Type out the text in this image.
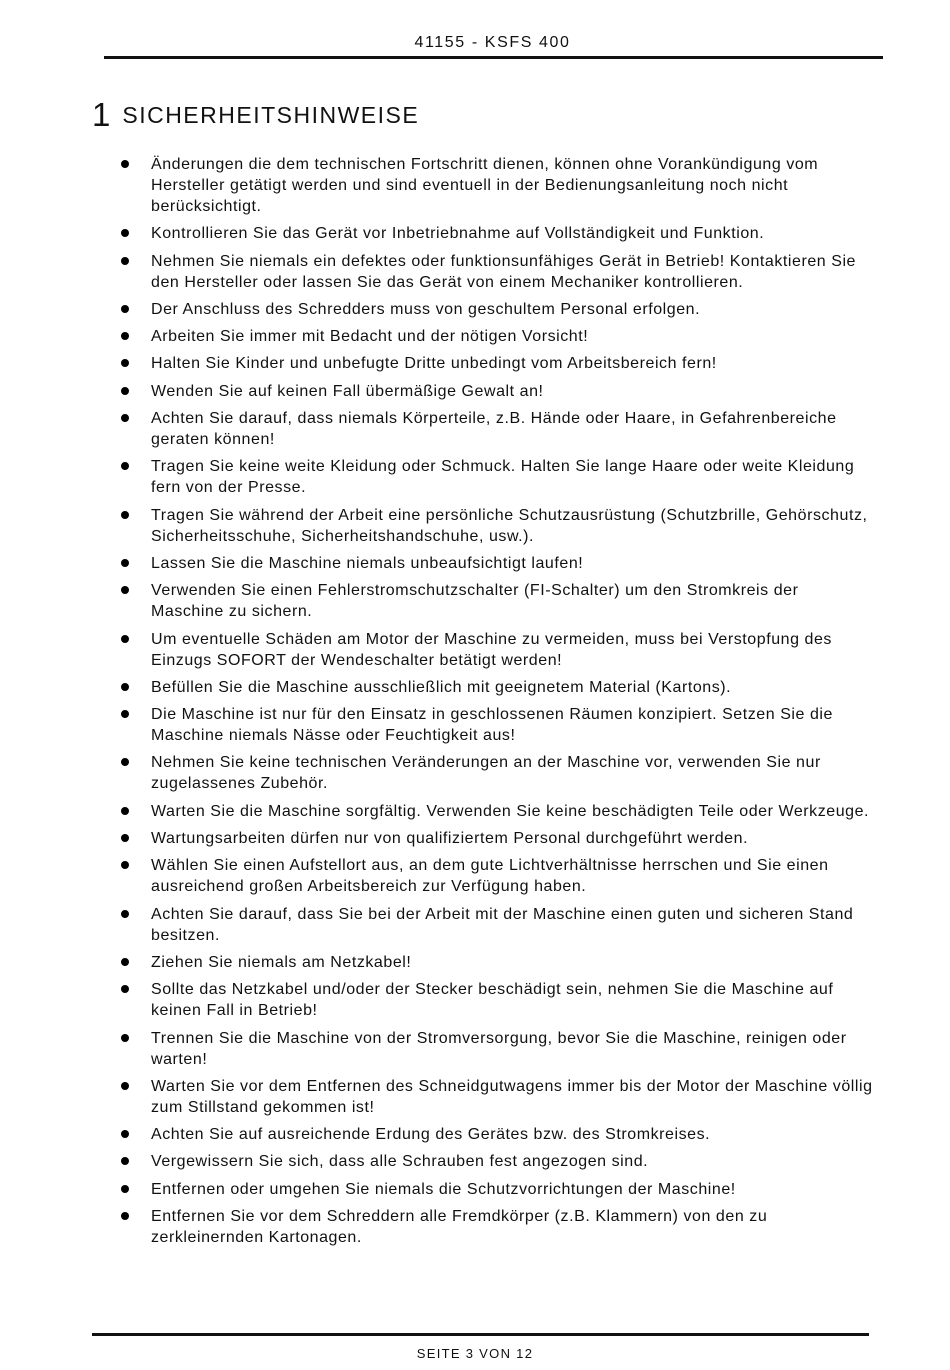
41155 - KSFS 400
1 SICHERHEITSHINWEISE
Änderungen die dem technischen Fortschritt dienen, können ohne Vorankündigung vom Hersteller getätigt werden und sind eventuell in der Bedienungsanleitung noch nicht berücksichtigt.
Kontrollieren Sie das Gerät vor Inbetriebnahme auf Vollständigkeit und Funktion.
Nehmen Sie niemals ein defektes oder funktionsunfähiges Gerät in Betrieb! Kontaktieren Sie den Hersteller oder lassen Sie das Gerät von einem Mechaniker kontrollieren.
Der Anschluss des Schredders muss von geschultem Personal erfolgen.
Arbeiten Sie immer mit Bedacht und der nötigen Vorsicht!
Halten Sie Kinder und unbefugte Dritte unbedingt vom Arbeitsbereich fern!
Wenden Sie auf keinen Fall übermäßige Gewalt an!
Achten Sie darauf, dass niemals Körperteile, z.B. Hände oder Haare, in Gefahrenbereiche geraten können!
Tragen Sie keine weite Kleidung oder Schmuck. Halten Sie lange Haare oder weite Kleidung fern von der Presse.
Tragen Sie während der Arbeit eine persönliche Schutzausrüstung (Schutzbrille, Gehörschutz, Sicherheitsschuhe, Sicherheitshandschuhe, usw.).
Lassen Sie die Maschine niemals unbeaufsichtigt laufen!
Verwenden Sie einen Fehlerstromschutzschalter (FI-Schalter) um den Stromkreis der Maschine zu sichern.
Um eventuelle Schäden am Motor der Maschine zu vermeiden, muss bei Verstopfung des Einzugs SOFORT der Wendeschalter betätigt werden!
Befüllen Sie die Maschine ausschließlich mit geeignetem Material (Kartons).
Die Maschine ist nur für den Einsatz in geschlossenen Räumen konzipiert. Setzen Sie die Maschine niemals Nässe oder Feuchtigkeit aus!
Nehmen Sie keine technischen Veränderungen an der Maschine vor, verwenden Sie nur zugelassenes Zubehör.
Warten Sie die Maschine sorgfältig. Verwenden Sie keine beschädigten Teile oder Werkzeuge.
Wartungsarbeiten dürfen nur von qualifiziertem Personal durchgeführt werden.
Wählen Sie einen Aufstellort aus, an dem gute Lichtverhältnisse herrschen und Sie einen ausreichend großen Arbeitsbereich zur Verfügung haben.
Achten Sie darauf, dass Sie bei der Arbeit mit der Maschine einen guten und sicheren Stand besitzen.
Ziehen Sie niemals am Netzkabel!
Sollte das Netzkabel und/oder der Stecker beschädigt sein, nehmen Sie die Maschine auf keinen Fall in Betrieb!
Trennen Sie die Maschine von der Stromversorgung, bevor Sie die Maschine, reinigen oder warten!
Warten Sie vor dem Entfernen des Schneidgutwagens immer bis der Motor der Maschine völlig zum Stillstand gekommen ist!
Achten Sie auf ausreichende Erdung des Gerätes bzw. des Stromkreises.
Vergewissern Sie sich, dass alle Schrauben fest angezogen sind.
Entfernen oder umgehen Sie niemals die Schutzvorrichtungen der Maschine!
Entfernen Sie vor dem Schreddern alle Fremdkörper (z.B. Klammern) von den zu zerkleinernden Kartonagen.
SEITE 3 VON 12
